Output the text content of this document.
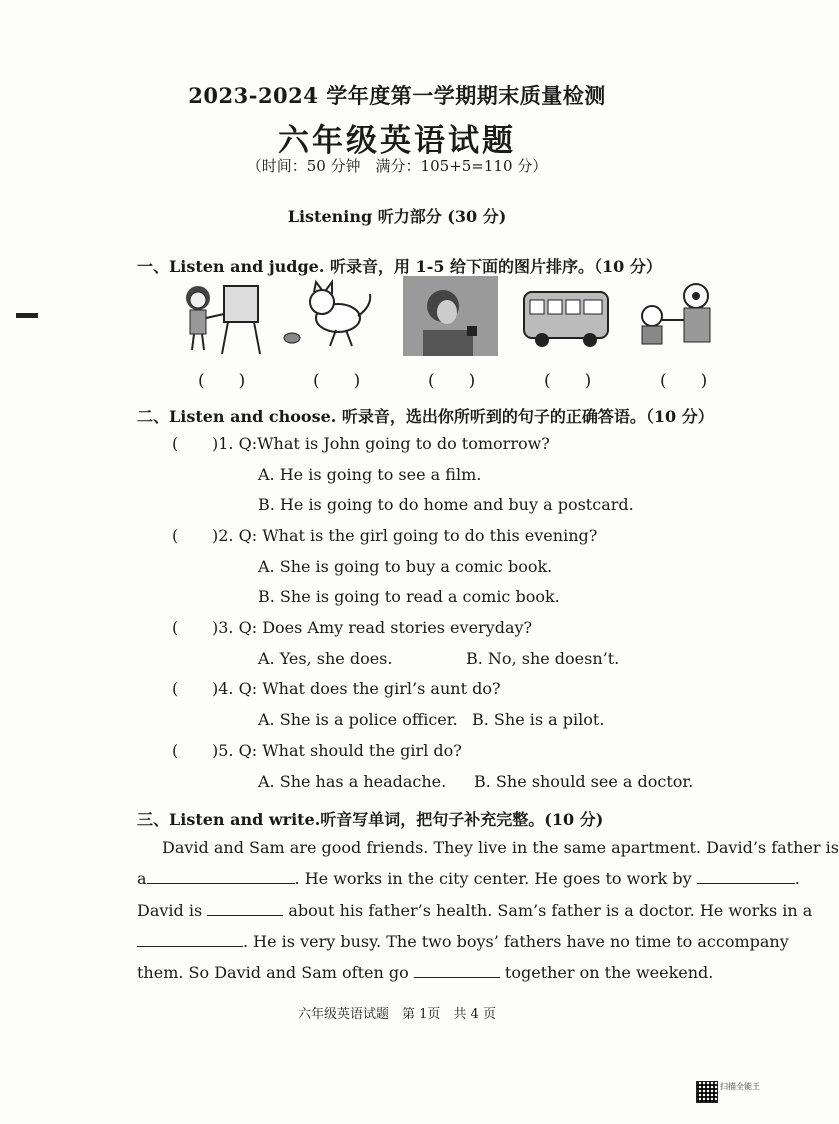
2023-2024 学年度第一学期期末质量检测
六年级英语试题
（时间：50 分钟　满分：105+5=110 分）
Listening 听力部分 (30 分)
一、Listen and judge. 听录音，用 1-5 给下面的图片排序。（10 分）
(　　)	(　　)	(　　)	(　　)	(　　)
二、Listen and choose. 听录音，选出你所听到的句子的正确答语。（10 分）
( )1. Q:What is John going to do tomorrow?
A. He is going to see a film.
B. He is going to do home and buy a postcard.
( )2. Q: What is the girl going to do this evening?
A. She is going to buy a comic book.
B. She is going to read a comic book.
( )3. Q: Does Amy read stories everyday?
A. Yes, she does.	B. No, she doesn’t.
( )4. Q: What does the girl’s aunt do?
A. She is a police officer. B. She is a pilot.
( )5. Q: What should the girl do?
A. She has a headache. B. She should see a doctor.
三、Listen and write.听音写单词，把句子补充完整。(10 分)
David and Sam are good friends. They live in the same apartment. David’s father is
a	. He works in the city center. He goes to work by	.
David is	about his father’s health. Sam’s father is a doctor. He works in a
. He is very busy. The two boys’ fathers have no time to accompany
them. So David and Sam often go	together on the weekend.
六年级英语试题　第 1页　共 4 页
扫描全能王
